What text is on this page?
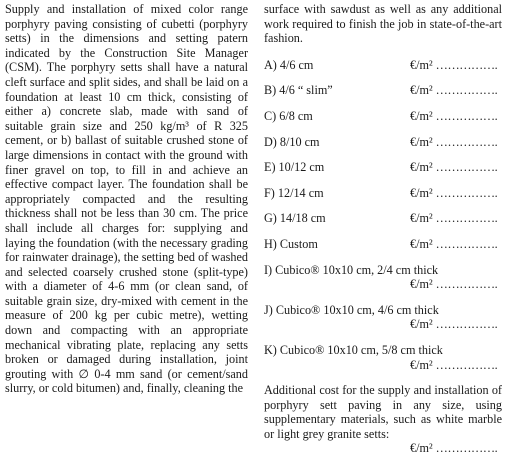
Supply and installation of mixed color range porphyry paving consisting of cubetti (porphyry setts) in the dimensions and setting patern indicated by the Construction Site Manager (CSM). The porphyry setts shall have a natural cleft surface and split sides, and shall be laid on a foundation at least 10 cm thick, consisting of either a) concrete slab, made with sand of suitable grain size and 250 kg/m³ of R 325 cement, or b) ballast of suitable crushed stone of large dimensions in contact with the ground with finer gravel on top, to fill in and achieve an effective compact layer. The foundation shall be appropriately compacted and the resulting thickness shall not be less than 30 cm. The price shall include all charges for: supplying and laying the foundation (with the necessary grading for rainwater drainage), the setting bed of washed and selected coarsely crushed stone (split-type) with a diameter of 4-6 mm (or clean sand, of suitable grain size, dry-mixed with cement in the measure of 200 kg per cubic metre), wetting down and compacting with an appropriate mechanical vibrating plate, replacing any setts broken or damaged during installation, joint grouting with ∅ 0-4 mm sand (or cement/sand slurry, or cold bitumen) and, finally, cleaning the
surface with sawdust as well as any additional work required to finish the job in state-of-the-art fashion.
A) 4/6 cm	€/m² …………….
B) 4/6 “ slim”	€/m² …………….
C) 6/8 cm	€/m² …………….
D) 8/10 cm	€/m² …………….
E) 10/12 cm	€/m² …………….
F) 12/14 cm	€/m² …………….
G) 14/18 cm	€/m² …………….
H) Custom	€/m² …………….
I) Cubico® 10x10 cm, 2/4 cm thick
€/m² …………….
J) Cubico® 10x10 cm, 4/6 cm thick
€/m² …………….
K) Cubico® 10x10 cm, 5/8 cm thick
€/m² …………….
Additional cost for the supply and installation of porphyry sett paving in any size, using supplementary materials, such as white marble or light grey granite setts:
€/m² …………….
